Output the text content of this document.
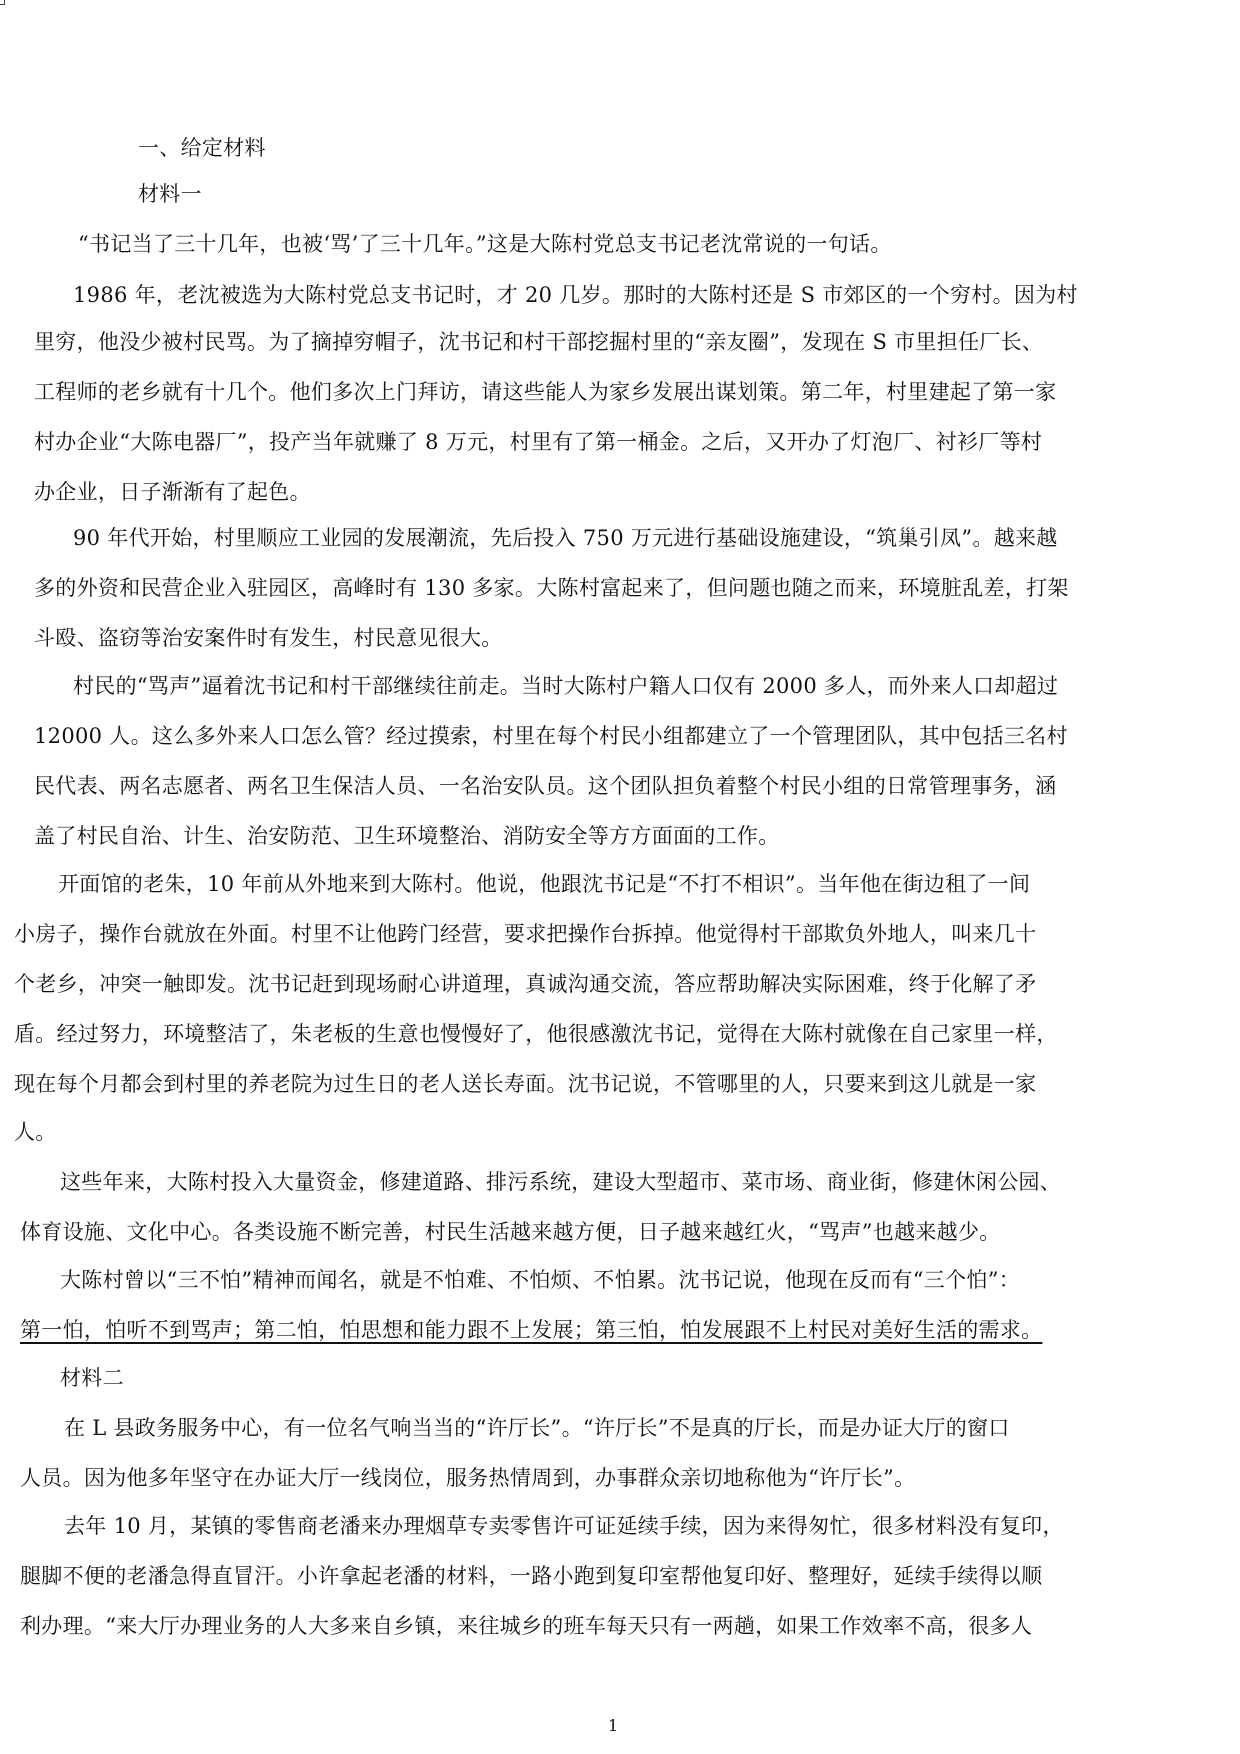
一、给定材料
材料一
“书记当了三十几年，也被‘骂’了三十几年。”这是大陈村党总支书记老沈常说的一句话。
1986 年，老沈被选为大陈村党总支书记时，才 20 几岁。那时的大陈村还是 S 市郊区的一个穷村。因为村
里穷，他没少被村民骂。为了摘掉穷帽子，沈书记和村干部挖掘村里的“亲友圈”，发现在 S 市里担任厂长、
工程师的老乡就有十几个。他们多次上门拜访，请这些能人为家乡发展出谋划策。第二年，村里建起了第一家
村办企业“大陈电器厂”，投产当年就赚了 8 万元，村里有了第一桶金。之后，又开办了灯泡厂、衬衫厂等村
办企业，日子渐渐有了起色。
90 年代开始，村里顺应工业园的发展潮流，先后投入 750 万元进行基础设施建设，“筑巢引凤”。越来越
多的外资和民营企业入驻园区，高峰时有 130 多家。大陈村富起来了，但问题也随之而来，环境脏乱差，打架
斗殴、盗窃等治安案件时有发生，村民意见很大。
村民的“骂声”逼着沈书记和村干部继续往前走。当时大陈村户籍人口仅有 2000 多人，而外来人口却超过
12000 人。这么多外来人口怎么管？经过摸索，村里在每个村民小组都建立了一个管理团队，其中包括三名村
民代表、两名志愿者、两名卫生保洁人员、一名治安队员。这个团队担负着整个村民小组的日常管理事务，涵
盖了村民自治、计生、治安防范、卫生环境整治、消防安全等方方面面的工作。
开面馆的老朱，10 年前从外地来到大陈村。他说，他跟沈书记是“不打不相识”。当年他在街边租了一间
小房子，操作台就放在外面。村里不让他跨门经营，要求把操作台拆掉。他觉得村干部欺负外地人，叫来几十
个老乡，冲突一触即发。沈书记赶到现场耐心讲道理，真诚沟通交流，答应帮助解决实际困难，终于化解了矛
盾。经过努力，环境整洁了，朱老板的生意也慢慢好了，他很感激沈书记，觉得在大陈村就像在自己家里一样，
现在每个月都会到村里的养老院为过生日的老人送长寿面。沈书记说，不管哪里的人，只要来到这儿就是一家
人。
这些年来，大陈村投入大量资金，修建道路、排污系统，建设大型超市、菜市场、商业街，修建休闲公园、
体育设施、文化中心。各类设施不断完善，村民生活越来越方便，日子越来越红火，“骂声”也越来越少。
大陈村曾以“三不怕”精神而闻名，就是不怕难、不怕烦、不怕累。沈书记说，他现在反而有“三个怕”：
第一怕，怕听不到骂声；第二怕，怕思想和能力跟不上发展；第三怕，怕发展跟不上村民对美好生活的需求。
材料二
在 L 县政务服务中心，有一位名气响当当的“许厅长”。“许厅长”不是真的厅长，而是办证大厅的窗口
人员。因为他多年坚守在办证大厅一线岗位，服务热情周到，办事群众亲切地称他为“许厅长”。
去年 10 月，某镇的零售商老潘来办理烟草专卖零售许可证延续手续，因为来得匆忙，很多材料没有复印，
腿脚不便的老潘急得直冒汗。小许拿起老潘的材料，一路小跑到复印室帮他复印好、整理好，延续手续得以顺
利办理。“来大厅办理业务的人大多来自乡镇，来往城乡的班车每天只有一两趟，如果工作效率不高，很多人
1
